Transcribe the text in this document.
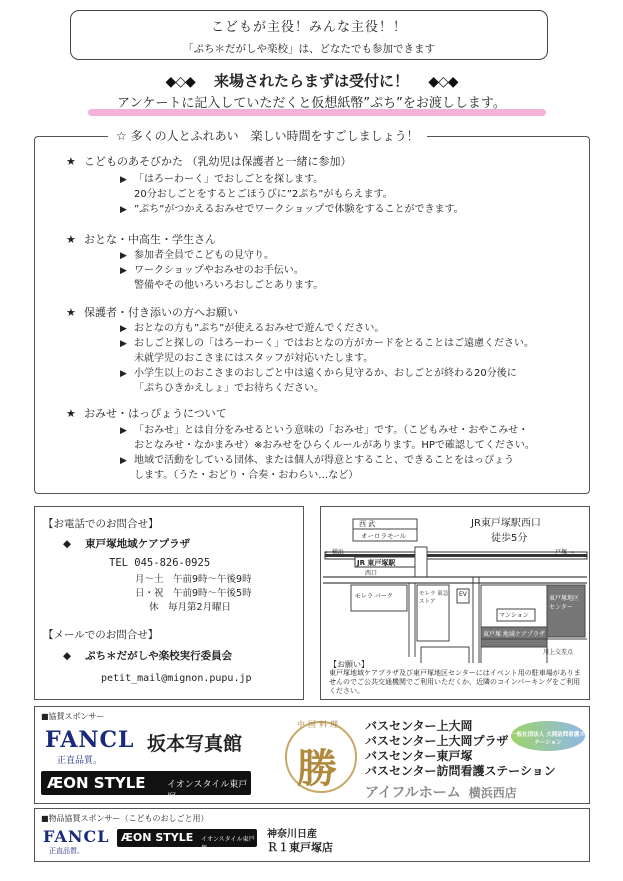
こどもが主役！みんな主役！！
「ぷち＊だがしや楽校」は、どなたでも参加できます
◆◇◆ 来場されたらまずは受付に！ ◆◇◆
アンケートに記入していただくと仮想紙幣”ぷち”をお渡しします。
☆ 多くの人とふれあい　楽しい時間をすごしましょう！
★ こどものあそびかた （乳幼児は保護者と一緒に参加）
▶ 「はろーわーく」でおしごとを探します。
20分おしごとをするとごほうびに”2ぷち”がもらえます。
▶ ”ぷち”がつかえるおみせでワークショップで体験をすることができます。
★ おとな・中高生・学生さん
▶ 参加者全員でこどもの見守り。
▶ ワークショップやおみせのお手伝い。
警備やその他いろいろおしごとあります。
★ 保護者・付き添いの方へお願い
▶ おとなの方も”ぷち”が使えるおみせで遊んでください。
▶ おしごと探しの「はろーわーく」ではおとなの方がカードをとることはご遠慮ください。
未就学児のおこさまにはスタッフが対応いたします。
▶ 小学生以上のおこさまのおしごと中は遠くから見守るか、おしごとが終わる20分後に
「ぷちひきかえしょ」でお待ちください。
★ おみせ・はっぴょうについて
▶ 「おみせ」とは自分をみせるという意味の「おみせ」です。（こどもみせ・おやこみせ・
おとなみせ・なかまみせ）※おみせをひらくルールがあります。HPで確認してください。
▶ 地域で活動をしている団体、または個人が得意とすること、できることをはっぴょう
します。（うた・おどり・合奏・おわらい…など）
【お電話でのお問合せ】
◆ 東戸塚地域ケアプラザ
TEL 045-826-0925
月～土　午前9時～午後9時
日・祝　午前9時～午後5時
休　毎月第2月曜日
【メールでのお問合せ】
◆ ぷち＊だがしや楽校実行委員会
petit_mail@mignon.pupu.jp
西 武
オーロラモール
JR東戸塚駅西口
徒歩5分
← 横浜	戸塚 →
JR 東戸塚駅
西口
モレラ パーク	モレラ 東急ストア
EV
マンション
東戸塚 地域ケアプラザ
東戸塚地区 センター
川上交差点
【お願い】
東戸塚地域ケアプラザ及び東戸塚地区センターにはイベント用の駐車場がありませんのでご公共交通機関でご利用いただくか、近隣のコインパーキングをご利用ください。
■協賛スポンサー
FANCL
正直品質。
坂本写真館
ÆON STYLE イオンスタイル東戸塚
中国料理
勝
バスセンター上大岡
バスセンター上大岡プラザ
バスセンター東戸塚
バスセンター訪問看護ステーション
一般社団法人 大岡訪問看護ステーション
アイフルホーム 横浜西店
■物品協賛スポンサー（こどものおしごと用）
FANCL
正直品質。
ÆON STYLE イオンスタイル東戸塚
神奈川日産
Ｒ１東戸塚店
